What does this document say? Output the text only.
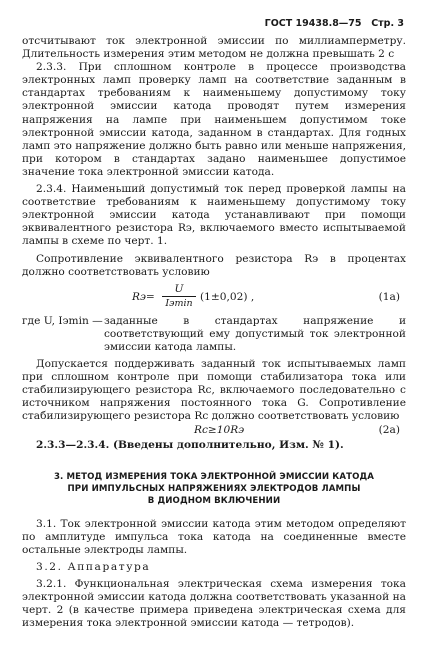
ГОСТ 19438.8—75 Стр. 3

отсчитывают ток электронной эмиссии по миллиамперметру. Длительность измерения этим методом не должна превышать 2 с

2.3.3. При сплошном контроле в процессе производства электронных ламп проверку ламп на соответствие заданным в стандартах требованиям к наименьшему допустимому току электронной эмиссии катода проводят путем измерения напряжения на лампе при наименьшем допустимом токе электронной эмиссии катода, заданном в стандартах. Для годных ламп это напряжение должно быть равно или меньше напряжения, при котором в стандартах задано наименьшее допустимое значение тока электронной эмиссии катода.

2.3.4. Наименьший допустимый ток перед проверкой лампы на соответствие требованиям к наименьшему допустимому току электронной эмиссии катода устанавливают при помощи эквивалентного резистора Rэ, включаемого вместо испытываемой лампы в схеме по черт. 1.

Сопротивление эквивалентного резистора Rэ в процентах должно соответствовать условию

Rэ=
U
Iэmin
(1±0,02) ,	(1а)
где U, Iэmin — заданные в стандартах напряжение и соответствующий ему допустимый ток электронной эмиссии катода лампы.

Допускается поддерживать заданный ток испытываемых ламп при сплошном контроле при помощи стабилизатора тока или стабилизирующего резистора Rс, включаемого последовательно с источником напряжения постоянного тока G. Сопротивление стабилизирующего резистора Rс должно соответствовать условию

Rс≥10Rэ	(2а)

2.3.3—2.3.4. (Введены дополнительно, Изм. № 1).

3. МЕТОД ИЗМЕРЕНИЯ ТОКА ЭЛЕКТРОННОЙ ЭМИССИИ КАТОДА
ПРИ ИМПУЛЬСНЫХ НАПРЯЖЕНИЯХ ЭЛЕКТРОДОВ ЛАМПЫ
В ДИОДНОМ ВКЛЮЧЕНИИ

3.1. Ток электронной эмиссии катода этим методом определяют по амплитуде импульса тока катода на соединенные вместе остальные электроды лампы.

3.2. Аппаратура

3.2.1. Функциональная электрическая схема измерения тока электронной эмиссии катода должна соответствовать указанной на черт. 2 (в качестве примера приведена электрическая схема для измерения тока электронной эмиссии катода — тетродов).
